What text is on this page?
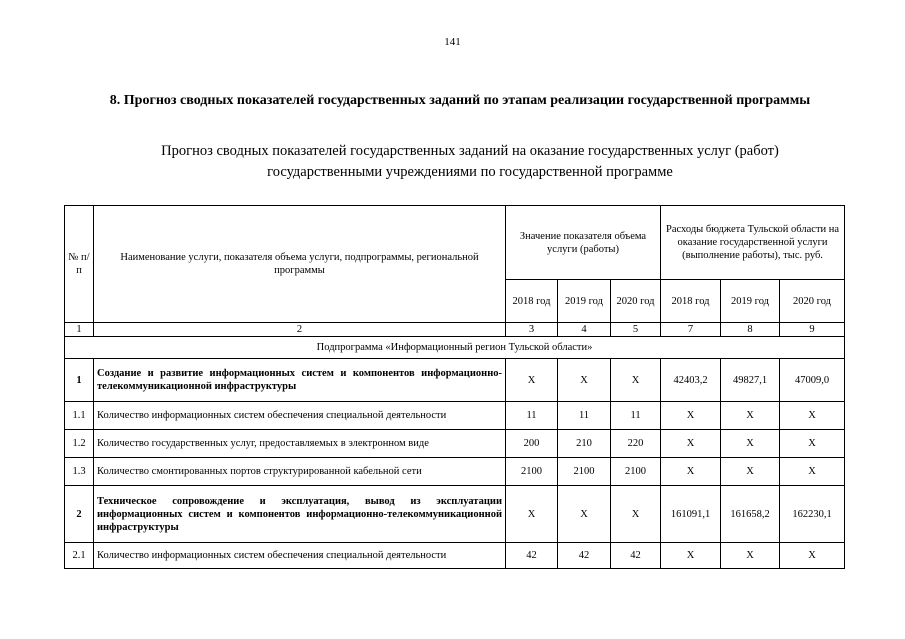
141
8. Прогноз сводных показателей государственных заданий по этапам реализации государственной программы
Прогноз сводных показателей государственных заданий на оказание государственных услуг (работ) государственными учреждениями по государственной программе
№ п/п	Наименование услуги, показателя объема услуги, подпрограммы, региональной программы	Значение показателя объема услуги (работы)			Расходы бюджета Тульской области на оказание государственной услуги (выполнение работы), тыс. руб.		
		2018 год	2019 год	2020 год	2018 год	2019 год	2020 год
1	2	3	4	5	7	8	9
Подпрограмма «Информационный регион Тульской области»							
1	Создание и развитие информационных систем и компонентов информационно-телекоммуникационной инфраструктуры	X	X	X	42403,2	49827,1	47009,0
1.1	Количество информационных систем обеспечения специальной деятельности	11	11	11	X	X	X
1.2	Количество государственных услуг, предоставляемых в электронном виде	200	210	220	X	X	X
1.3	Количество смонтированных портов структурированной кабельной сети	2100	2100	2100	X	X	X
2	Техническое сопровождение и эксплуатация, вывод из эксплуатации информационных систем и компонентов информационно-телекоммуникационной инфраструктуры	X	X	X	161091,1	161658,2	162230,1
2.1	Количество информационных систем обеспечения специальной деятельности	42	42	42	X	X	X
